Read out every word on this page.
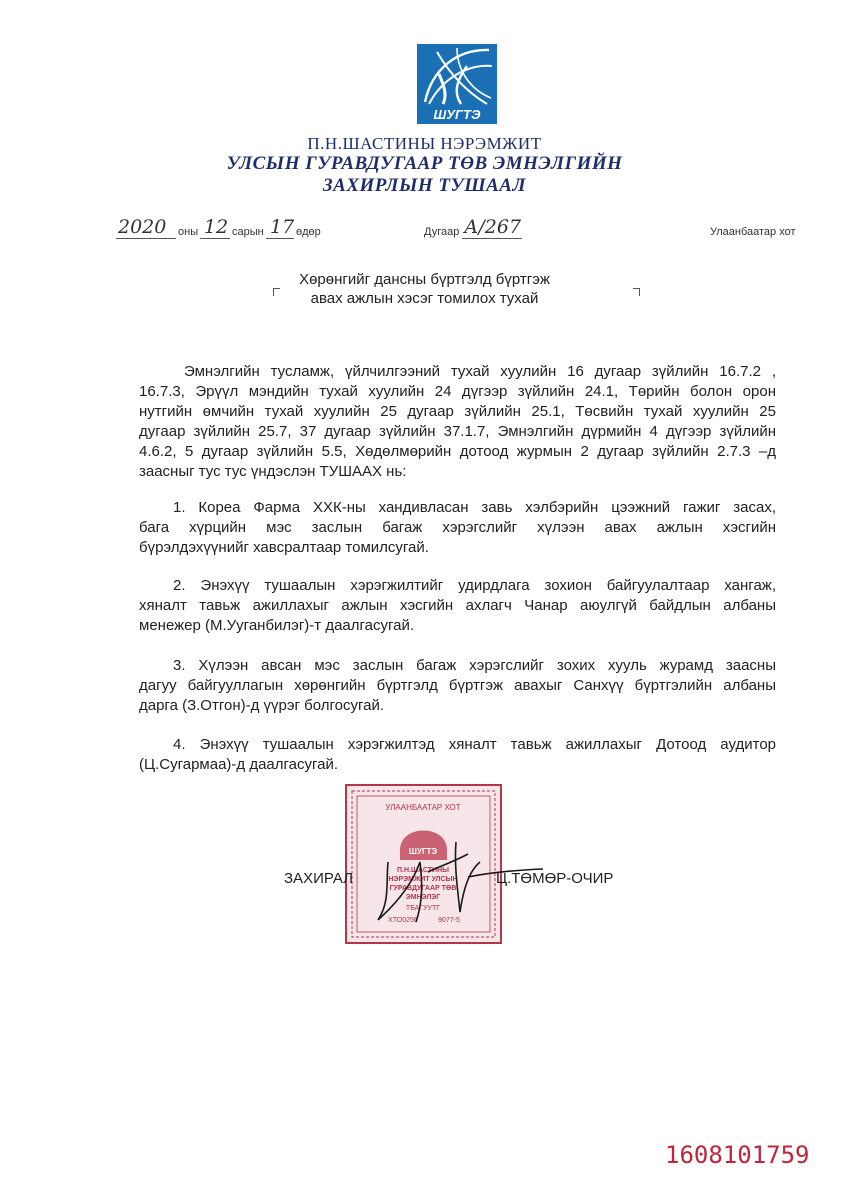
ШУГТЭ
П.Н.ШАСТИНЫ НЭРЭМЖИТ
УЛСЫН ГУРАВДУГААР ТӨВ ЭМНЭЛГИЙН
ЗАХИРЛЫН ТУШААЛ
2020 оны 12 сарын 17 өдөр	Дугаар А/267	Улаанбаатар хот
Хөрөнгийг дансны бүртгэлд бүртгэж
авах ажлын хэсэг томилох тухай
Эмнэлгийн тусламж, үйлчилгээний тухай хуулийн 16 дугаар зүйлийн 16.7.2 ,
16.7.3, Эрүүл мэндийн тухай хуулийн 24 дүгээр зүйлийн 24.1, Төрийн болон орон
нутгийн өмчийн тухай хуулийн 25 дугаар зүйлийн 25.1, Төсвийн тухай хуулийн 25
дугаар зүйлийн 25.7, 37 дугаар зүйлийн 37.1.7, Эмнэлгийн дүрмийн 4 дүгээр зүйлийн
4.6.2, 5 дугаар зүйлийн 5.5, Хөдөлмөрийн дотоод журмын 2 дугаар зүйлийн 2.7.3 –д
заасныг тус тус үндэслэн ТУШААХ нь:
1. Кореа Фарма ХХК-ны хандивласан завь хэлбэрийн цээжний гажиг засах,
бага хүрцийн мэс заслын багаж хэрэгслийг хүлээн авах ажлын хэсгийн
бүрэлдэхүүнийг хавсралтаар томилсугай.
2. Энэхүү тушаалын хэрэгжилтийг удирдлага зохион байгуулалтаар хангаж,
хяналт тавьж ажиллахыг ажлын хэсгийн ахлагч Чанар аюулгүй байдлын албаны
менежер (М.Ууганбилэг)-т даалгасугай.
3. Хүлээн авсан мэс заслын багаж хэрэгслийг зохих хууль журамд заасны
дагуу байгууллагын хөрөнгийн бүртгэлд бүртгэж авахыг Санхүү бүртгэлийн албаны
дарга (З.Отгон)-д үүрэг болгосугай.
4. Энэхүү тушаалын хэрэгжилтэд хяналт тавьж ажиллахыг Дотоод аудитор
(Ц.Сугармаа)-д даалгасугай.
УЛААНБААТАР ХОТ
ШУГТЭ
П.Н.ШАСТИНЫ
НЭРЭМЖИТ УЛСЫН
ГУРАВДУГААР ТӨВ
ЭМНЭЛЭГ
ТБАГУУТГ
ХТО0256	9077-5
ЗАХИРАЛ	Ц.ТӨМӨР-ОЧИР
1608101759
